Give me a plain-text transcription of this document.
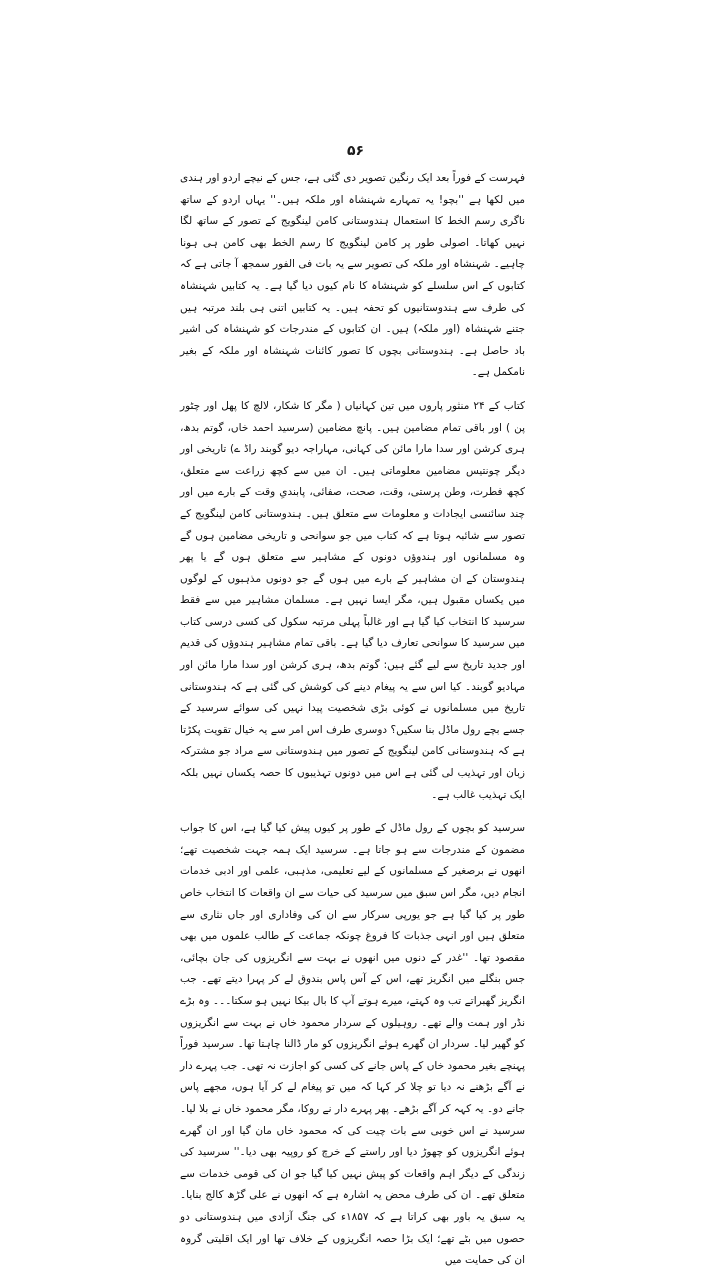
۵۶

فہرست کے فوراً بعد ایک رنگین تصویر دی گئی ہے، جس کے نیچے اردو اور ہندی میں لکھا ہے ''بچو! یہ تمہارے شہنشاہ اور ملکہ ہیں۔'' یہاں اردو کے ساتھ ناگری رسم الخط کا استعمال ہندوستانی کامن لینگویج کے تصور کے ساتھ لگا نہیں کھاتا۔ اصولی طور پر کامن لینگویج کا رسم الخط بھی کامن ہی ہونا چاہیے۔ شہنشاہ اور ملکہ کی تصویر سے یہ بات فی الفور سمجھ آ جاتی ہے کہ کتابوں کے اس سلسلے کو شہنشاہ کا نام کیوں دیا گیا ہے۔ یہ کتابیں شہنشاہ کی طرف سے ہندوستانیوں کو تحفہ ہیں۔ یہ کتابیں اتنی ہی بلند مرتبہ ہیں جتنے شہنشاہ (اور ملکہ) ہیں۔ ان کتابوں کے مندرجات کو شہنشاہ کی اشیر باد حاصل ہے۔ ہندوستانی بچوں کا تصور کائنات شہنشاہ اور ملکہ کے بغیر نامکمل ہے۔

کتاب کے ۲۴ منثور پاروں میں تین کہانیاں ( مگر کا شکار، لالچ کا پھل اور چٹور پن ) اور باقی تمام مضامین ہیں۔ پانچ مضامین (سرسید احمد خاں، گوتم بدھ، ہری کرشن اور سدا مارا مائن کی کہانی، مہاراجہ دیو گوبند راڈ ے) تاریخی اور دیگر چونتیس مضامین معلوماتی ہیں۔ ان میں سے کچھ زراعت سے متعلق، کچھ فطرت، وطن پرستی، وقت، صحت، صفائی، پابندیِ وقت کے بارے میں اور چند سائنسی ایجادات و معلومات سے متعلق ہیں۔ ہندوستانی کامن لینگویج کے تصور سے شائبہ ہوتا ہے کہ کتاب میں جو سوانحی و تاریخی مضامین ہوں گے وہ مسلمانوں اور ہندوؤں دونوں کے مشاہیر سے متعلق ہوں گے یا پھر ہندوستان کے ان مشاہیر کے بارے میں ہوں گے جو دونوں مذہبوں کے لوگوں میں یکساں مقبول ہیں، مگر ایسا نہیں ہے۔ مسلمان مشاہیر میں سے فقط سرسید کا انتخاب کیا گیا ہے اور غالباً پہلی مرتبہ سکول کی کسی درسی کتاب میں سرسید کا سوانحی تعارف دیا گیا ہے۔ باقی تمام مشاہیر ہندوؤں کی قدیم اور جدید تاریخ سے لیے گئے ہیں: گوتم بدھ، ہری کرشن اور سدا مارا مائن اور مہادیو گوبند۔ کیا اس سے یہ پیغام دینے کی کوشش کی گئی ہے کہ ہندوستانی تاریخ میں مسلمانوں نے کوئی بڑی شخصیت پیدا نہیں کی سوائے سرسید کے جسے بچے رول ماڈل بنا سکیں؟ دوسری طرف اس امر سے یہ خیال تقویت پکڑتا ہے کہ ہندوستانی کامن لینگویج کے تصور میں ہندوستانی سے مراد جو مشترکہ زبان اور تہذیب لی گئی ہے اس میں دونوں تہذیبوں کا حصہ یکساں نہیں بلکہ ایک تہذیب غالب ہے۔

سرسید کو بچوں کے رول ماڈل کے طور پر کیوں پیش کیا گیا ہے، اس کا جواب مضمون کے مندرجات سے ہو جاتا ہے۔ سرسید ایک ہمہ جہت شخصیت تھے؛ انھوں نے برصغیر کے مسلمانوں کے لیے تعلیمی، مذہبی، علمی اور ادبی خدمات انجام دیں، مگر اس سبق میں سرسید کی حیات سے ان واقعات کا انتخاب خاص طور پر کیا گیا ہے جو یورپی سرکار سے ان کی وفاداری اور جاں نثاری سے متعلق ہیں اور انہی جذبات کا فروغ چونکہ جماعت کے طالب علموں میں بھی مقصود تھا۔ ''غدر کے دنوں میں انھوں نے بہت سے انگریزوں کی جان بچائی، جس بنگلے میں انگریز تھے، اس کے آس پاس بندوق لے کر پہرا دیتے تھے۔ جب انگریز گھبراتے تب وہ کہتے، میرے ہوتے آپ کا بال بیکا نہیں ہو سکتا۔۔۔ وہ بڑے نڈر اور ہمت والے تھے۔ روہیلوں کے سردار محمود خاں نے بہت سے انگریزوں کو گھیر لیا۔ سردار ان گھرے ہوئے انگریزوں کو مار ڈالنا چاہتا تھا۔ سرسید فوراً پہنچے بغیر محمود خاں کے پاس جانے کی کسی کو اجازت نہ تھی۔ جب پہرے دار نے آگے بڑھنے نہ دیا تو چلا کر کہا کہ میں تو پیغام لے کر آیا ہوں، مجھے پاس جانے دو۔ یہ کہہ کر آگے بڑھے۔ پھر پہرے دار نے روکا، مگر محمود خاں نے بلا لیا۔ سرسید نے اس خوبی سے بات چیت کی کہ محمود خاں مان گیا اور ان گھرے ہوئے انگریزوں کو چھوڑ دیا اور راستے کے خرچ کو روپیہ بھی دیا۔'' سرسید کی زندگی کے دیگر اہم واقعات کو پیش نہیں کیا گیا جو ان کی قومی خدمات سے متعلق تھے۔ ان کی طرف محض یہ اشارہ ہے کہ انھوں نے علی گڑھ کالج بنایا۔ یہ سبق یہ باور بھی کراتا ہے کہ ۱۸۵۷ء کی جنگ آزادی میں ہندوستانی دو حصوں میں بٹے تھے؛ ایک بڑا حصہ انگریزوں کے خلاف تھا اور ایک اقلیتی گروہ ان کی حمایت میں
